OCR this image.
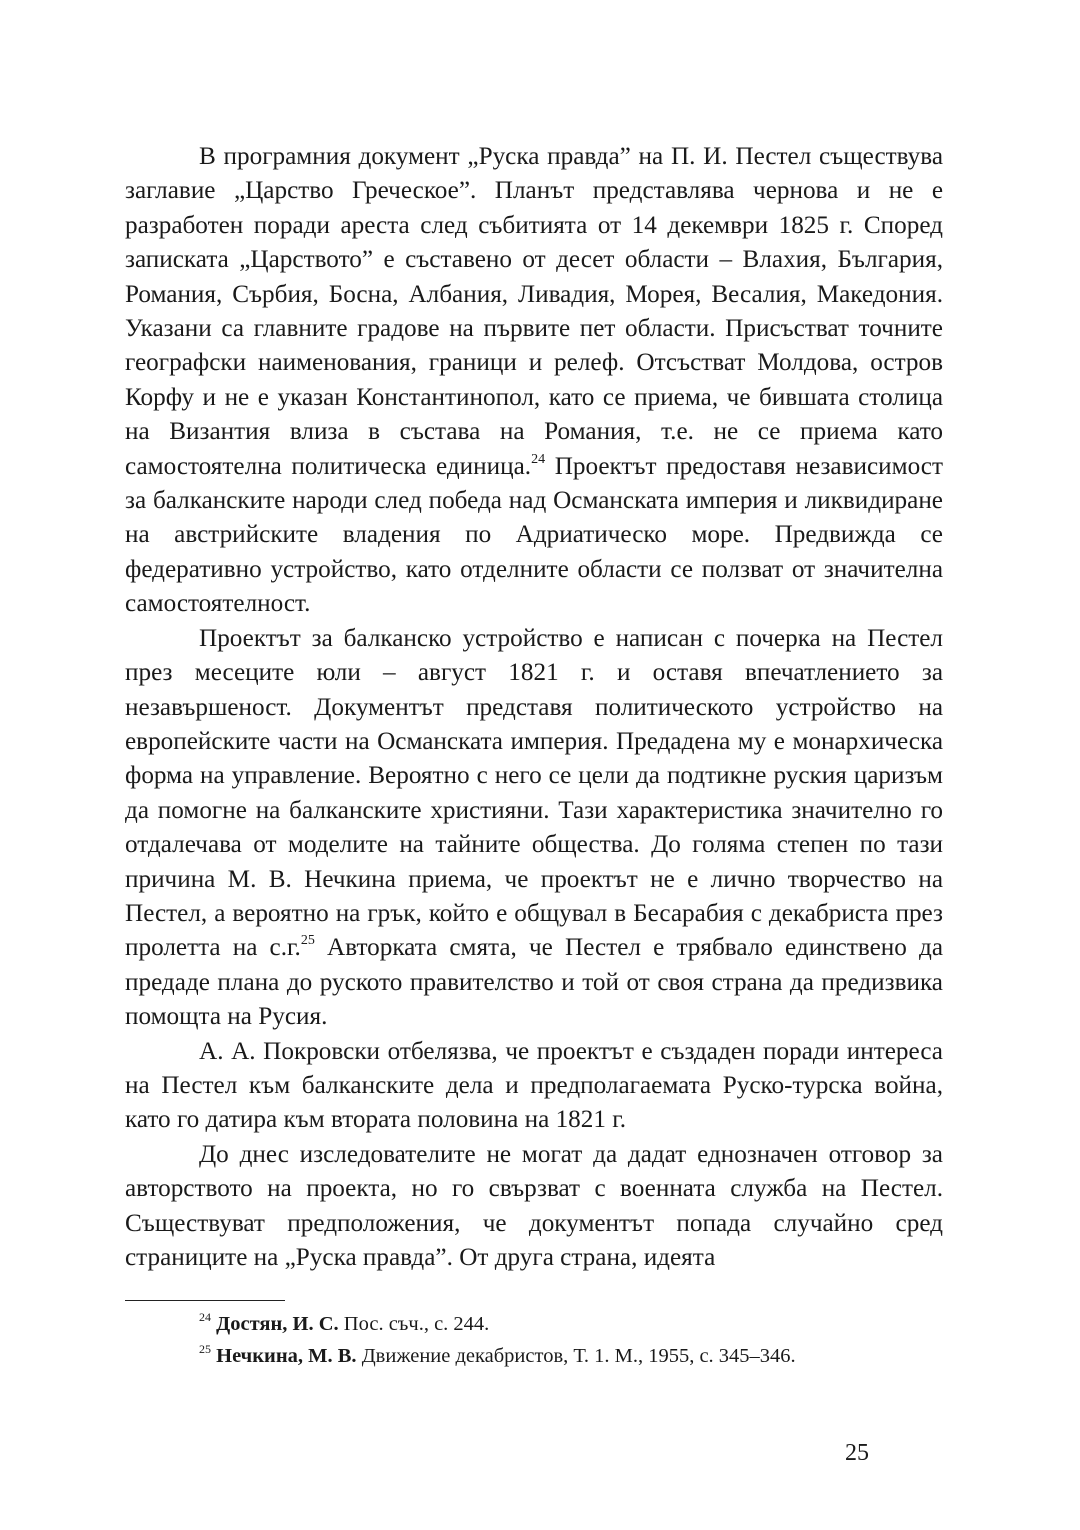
В програмния документ „Руска правда” на П. И. Пестел съществува заглавие „Царство Греческое”. Планът представлява чернова и не е разработен поради ареста след събитията от 14 декември 1825 г. Според записката „Царството” е съставено от десет области – Влахия, България, Романия, Сърбия, Босна, Албания, Ливадия, Морея, Весалия, Македония. Указани са главните градове на първите пет области. Присъстват точните географски наименования, граници и релеф. Отсъстват Молдова, остров Корфу и не е указан Константинопол, като се приема, че бившата столица на Византия влиза в състава на Романия, т.е. не се приема като самостоятелна политическа единица.$^{24}$ Проектът предоставя независимост за балканските народи след победа над Османската империя и ликвидиране на австрийските владения по Адриатическо море. Предвижда се федеративно устройство, като отделните области се ползват от значителна самостоятелност.

Проектът за балканско устройство е написан с почерка на Пестел през месеците юли – август 1821 г. и оставя впечатлението за незавършеност. Документът представя политическото устройство на европейските части на Османската империя. Предадена му е монархическа форма на управление. Вероятно с него се цели да подтикне руския царизъм да помогне на балканските християни. Тази характеристика значително го отдалечава от моделите на тайните общества. До голяма степен по тази причина М. В. Нечкина приема, че проектът не е лично творчество на Пестел, а вероятно на грък, който е общувал в Бесарабия с декабриста през пролетта на с.г.$^{25}$ Авторката смята, че Пестел е трябвало единствено да предаде плана до руското правителство и той от своя страна да предизвика помощта на Русия.

А. А. Покровски отбелязва, че проектът е създаден поради интереса на Пестел към балканските дела и предполагаемата Руско-турска война, като го датира към втората половина на 1821 г.

До днес изследователите не могат да дадат еднозначен отговор за авторството на проекта, но го свързват с военната служба на Пестел. Съществуват предположения, че документът попада случайно сред страниците на „Руска правда”. От друга страна, идеята

$^{24}$ Достян, И. С. Пос. съч., с. 244.

$^{25}$ Нечкина, М. В. Движение декабристов, Т. 1. М., 1955, с. 345–346.

25
